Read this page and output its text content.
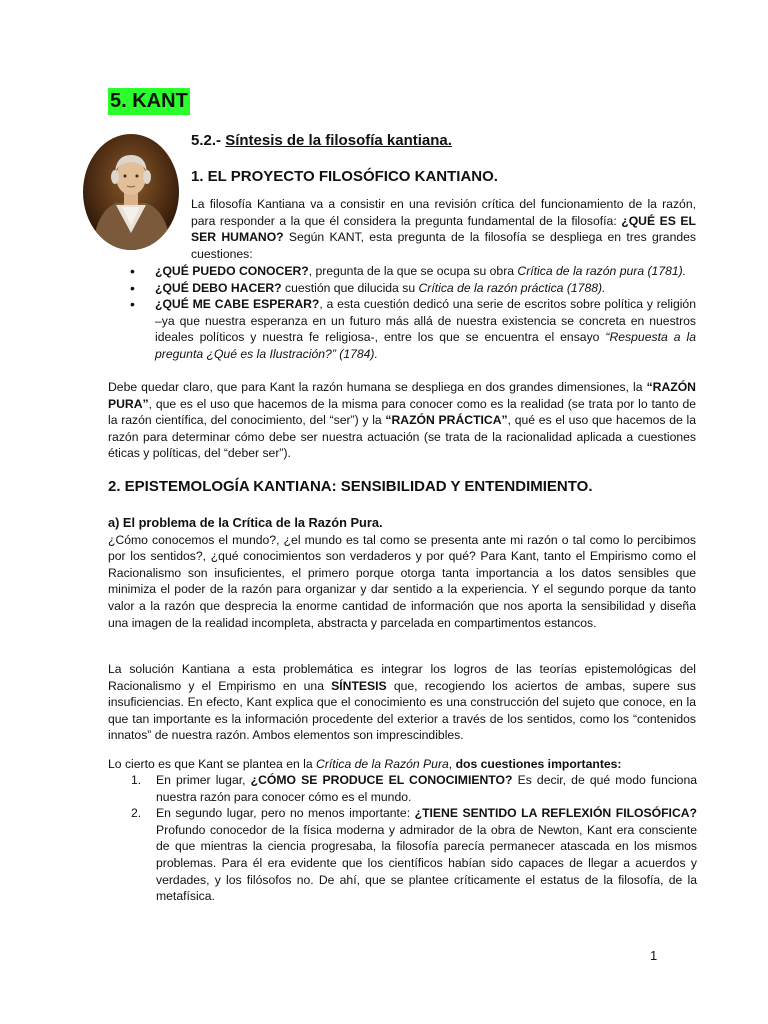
5. KANT
5.2.- Síntesis de la filosofía kantiana.
1. EL PROYECTO FILOSÓFICO KANTIANO.
La filosofía Kantiana va a consistir en una revisión crítica del funcionamiento de la razón, para responder a la que él considera la pregunta fundamental de la filosofía: ¿QUÉ ES EL SER HUMANO? Según KANT, esta pregunta de la filosofía se despliega en tres grandes cuestiones:
• ¿QUÉ PUEDO CONOCER?, pregunta de la que se ocupa su obra Crítica de la razón pura (1781).
• ¿QUÉ DEBO HACER? cuestión que dilucida su Crítica de la razón práctica (1788).
• ¿QUÉ ME CABE ESPERAR?, a esta cuestión dedicó una serie de escritos sobre política y religión –ya que nuestra esperanza en un futuro más allá de nuestra existencia se concreta en nuestros ideales políticos y nuestra fe religiosa-, entre los que se encuentra el ensayo “Respuesta a la pregunta ¿Qué es la Ilustración?” (1784).
Debe quedar claro, que para Kant la razón humana se despliega en dos grandes dimensiones, la “RAZÓN PURA”, que es el uso que hacemos de la misma para conocer como es la realidad (se trata por lo tanto de la razón científica, del conocimiento, del “ser”) y la “RAZÓN PRÁCTICA”, qué es el uso que hacemos de la razón para determinar cómo debe ser nuestra actuación (se trata de la racionalidad aplicada a cuestiones éticas y políticas, del “deber ser”).
2. EPISTEMOLOGÍA KANTIANA: SENSIBILIDAD Y ENTENDIMIENTO.
a) El problema de la Crítica de la Razón Pura.
¿Cómo conocemos el mundo?, ¿el mundo es tal como se presenta ante mi razón o tal como lo percibimos por los sentidos?, ¿qué conocimientos son verdaderos y por qué? Para Kant, tanto el Empirismo como el Racionalismo son insuficientes, el primero porque otorga tanta importancia a los datos sensibles que minimiza el poder de la razón para organizar y dar sentido a la experiencia. Y el segundo porque da tanto valor a la razón que desprecia la enorme cantidad de información que nos aporta la sensibilidad y diseña una imagen de la realidad incompleta, abstracta y parcelada en compartimentos estancos.
La solución Kantiana a esta problemática es integrar los logros de las teorías epistemológicas del Racionalismo y el Empirismo en una SÍNTESIS que, recogiendo los aciertos de ambas, supere sus insuficiencias. En efecto, Kant explica que el conocimiento es una construcción del sujeto que conoce, en la que tan importante es la información procedente del exterior a través de los sentidos, como los “contenidos innatos” de nuestra razón. Ambos elementos son imprescindibles.
Lo cierto es que Kant se plantea en la Crítica de la Razón Pura, dos cuestiones importantes:
1. En primer lugar, ¿CÓMO SE PRODUCE EL CONOCIMIENTO? Es decir, de qué modo funciona nuestra razón para conocer cómo es el mundo.
2. En segundo lugar, pero no menos importante: ¿TIENE SENTIDO LA REFLEXIÓN FILOSÓFICA? Profundo conocedor de la física moderna y admirador de la obra de Newton, Kant era consciente de que mientras la ciencia progresaba, la filosofía parecía permanecer atascada en los mismos problemas. Para él era evidente que los científicos habían sido capaces de llegar a acuerdos y verdades, y los filósofos no. De ahí, que se plantee críticamente el estatus de la filosofía, de la metafísica.
1
